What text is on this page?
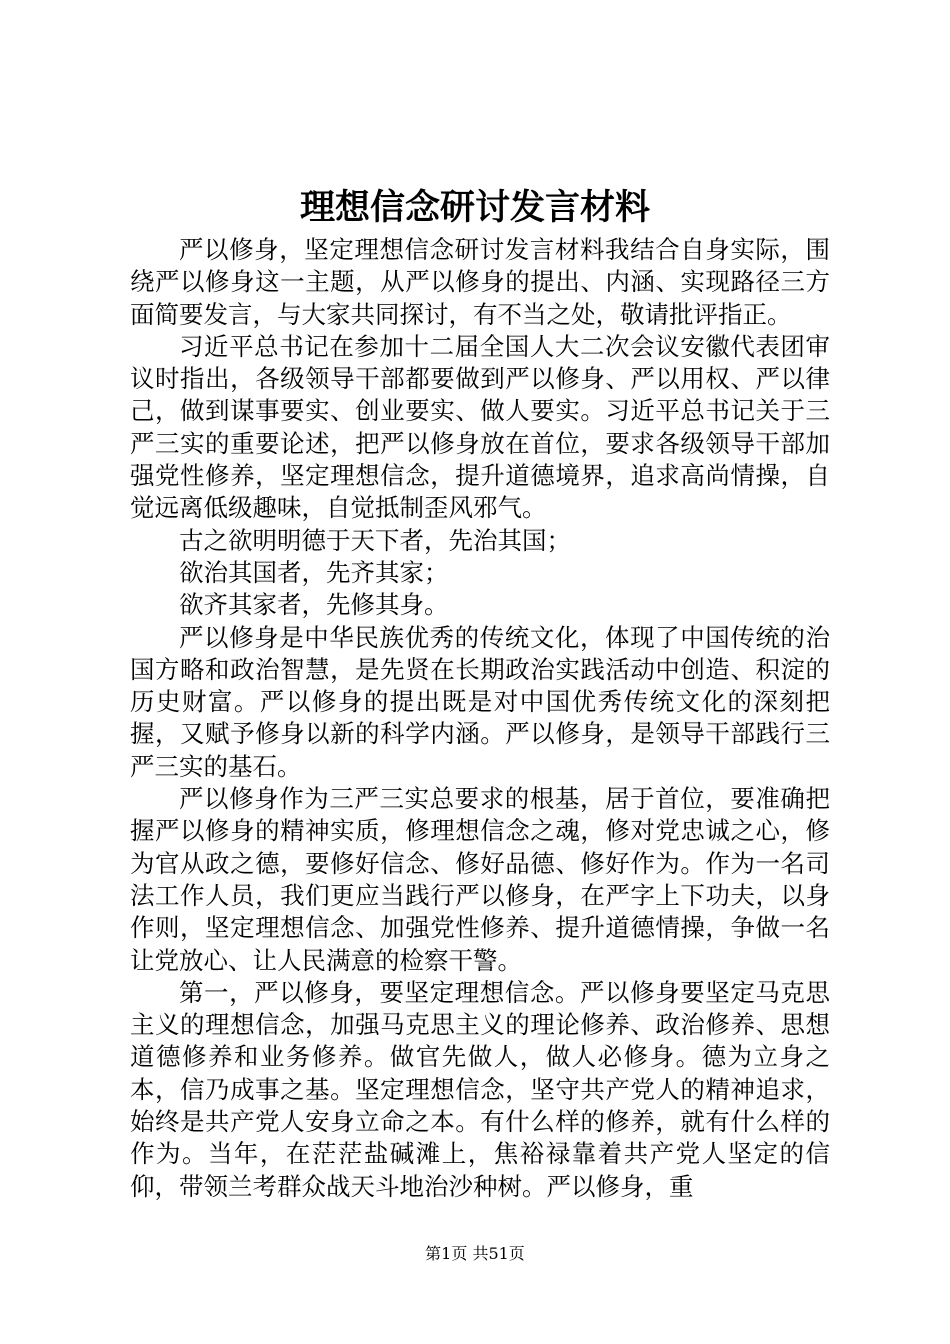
理想信念研讨发言材料

严以修身，坚定理想信念研讨发言材料我结合自身实际，围绕严以修身这一主题，从严以修身的提出、内涵、实现路径三方面简要发言，与大家共同探讨，有不当之处，敬请批评指正。

习近平总书记在参加十二届全国人大二次会议安徽代表团审议时指出，各级领导干部都要做到严以修身、严以用权、严以律己，做到谋事要实、创业要实、做人要实。习近平总书记关于三严三实的重要论述，把严以修身放在首位，要求各级领导干部加强党性修养，坚定理想信念，提升道德境界，追求高尚情操，自觉远离低级趣味，自觉抵制歪风邪气。

古之欲明明德于天下者，先治其国；

欲治其国者，先齐其家；

欲齐其家者，先修其身。

严以修身是中华民族优秀的传统文化，体现了中国传统的治国方略和政治智慧，是先贤在长期政治实践活动中创造、积淀的历史财富。严以修身的提出既是对中国优秀传统文化的深刻把握，又赋予修身以新的科学内涵。严以修身，是领导干部践行三严三实的基石。

严以修身作为三严三实总要求的根基，居于首位，要准确把握严以修身的精神实质，修理想信念之魂，修对党忠诚之心，修为官从政之德，要修好信念、修好品德、修好作为。作为一名司法工作人员，我们更应当践行严以修身，在严字上下功夫，以身作则，坚定理想信念、加强党性修养、提升道德情操，争做一名让党放心、让人民满意的检察干警。

第一，严以修身，要坚定理想信念。严以修身要坚定马克思主义的理想信念，加强马克思主义的理论修养、政治修养、思想道德修养和业务修养。做官先做人，做人必修身。德为立身之本，信乃成事之基。坚定理想信念，坚守共产党人的精神追求，始终是共产党人安身立命之本。有什么样的修养，就有什么样的作为。当年，在茫茫盐碱滩上，焦裕禄靠着共产党人坚定的信仰，带领兰考群众战天斗地治沙种树。严以修身，重

第1页 共51页
